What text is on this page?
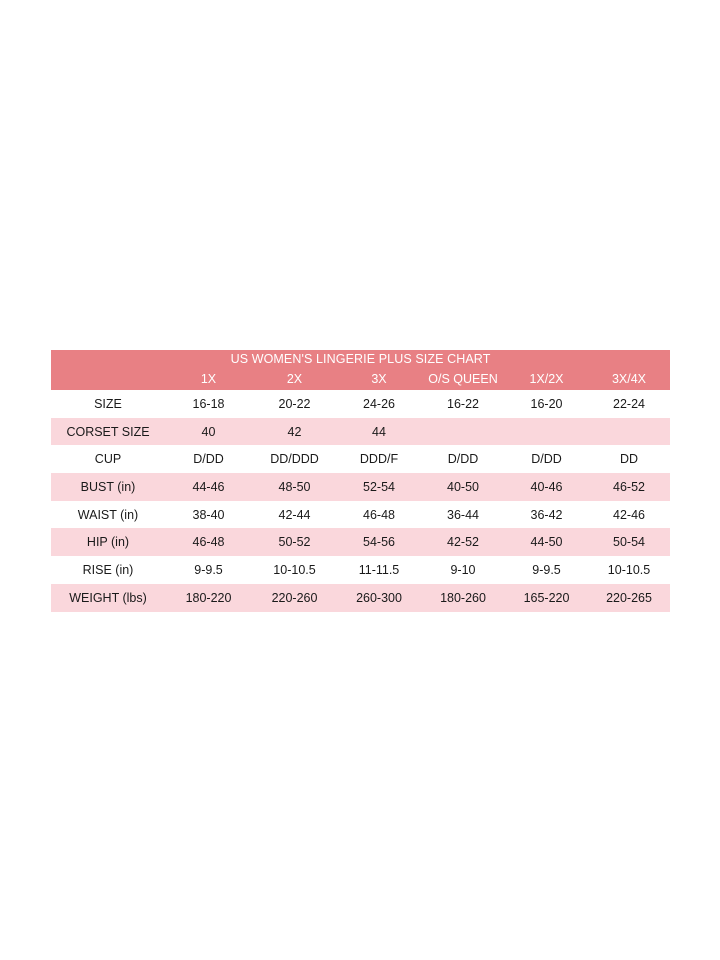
US WOMEN'S LINGERIE PLUS SIZE CHART
1X	2X	3X	O/S QUEEN	1X/2X	3X/4X
SIZE	16-18	20-22	24-26	16-22	16-20	22-24
CORSET SIZE	40	42	44
CUP	D/DD	DD/DDD	DDD/F	D/DD	D/DD	DD
BUST (in)	44-46	48-50	52-54	40-50	40-46	46-52
WAIST (in)	38-40	42-44	46-48	36-44	36-42	42-46
HIP (in)	46-48	50-52	54-56	42-52	44-50	50-54
RISE (in)	9-9.5	10-10.5	11-11.5	9-10	9-9.5	10-10.5
WEIGHT (lbs)	180-220	220-260	260-300	180-260	165-220	220-265
